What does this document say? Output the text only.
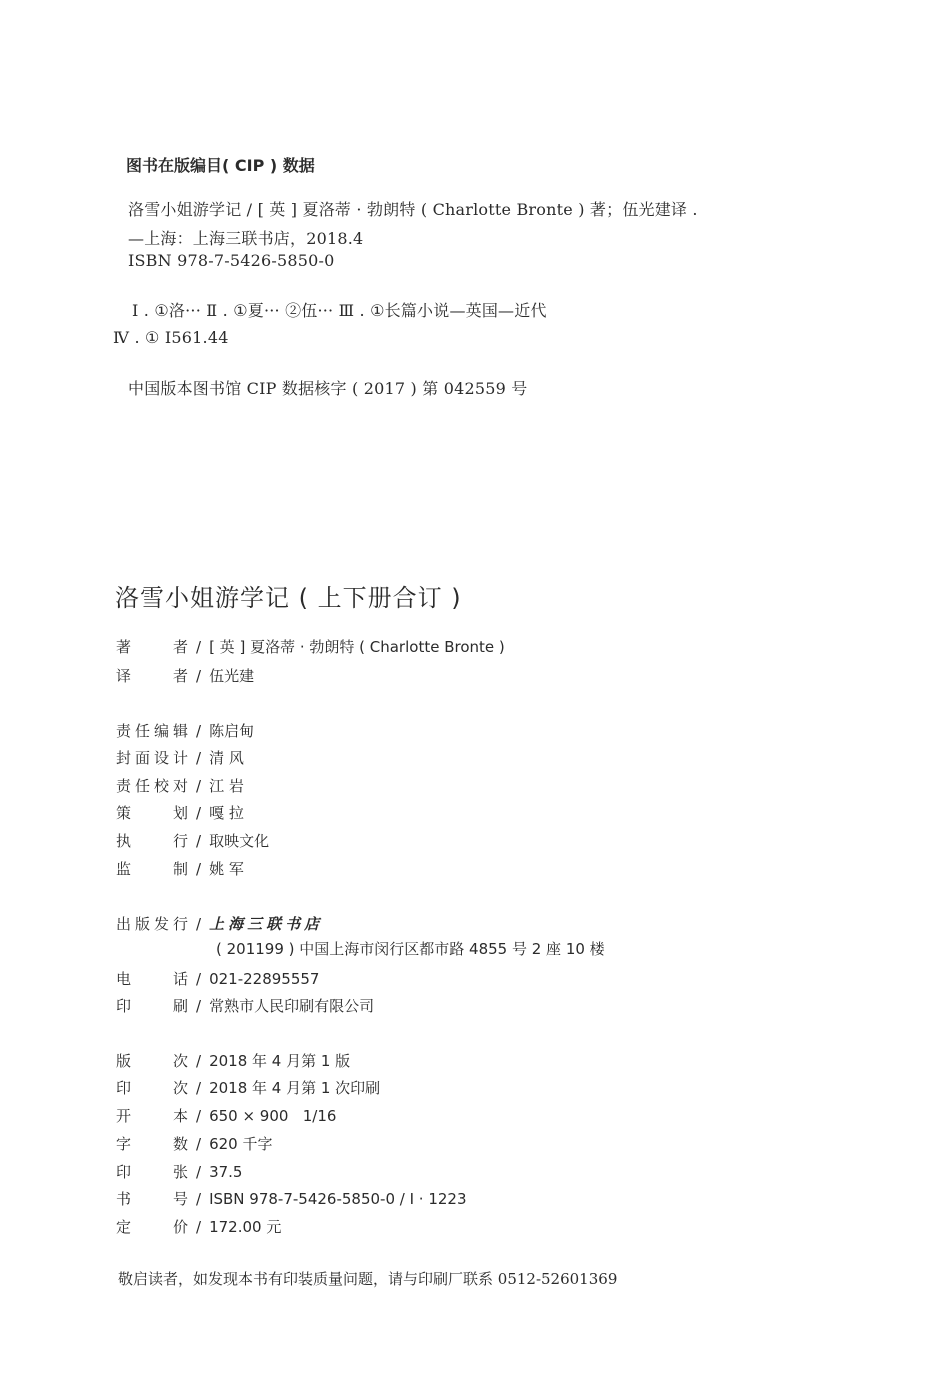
图书在版编目( CIP ) 数据
洛雪小姐游学记 / [ 英 ] 夏洛蒂 · 勃朗特 ( Charlotte Bronte ) 著；伍光建译 .
—上海：上海三联书店，2018.4
ISBN 978-7-5426-5850-0
Ⅰ . ①洛··· Ⅱ . ①夏··· ②伍··· Ⅲ . ①长篇小说—英国—近代
Ⅳ . ① I561.44
中国版本图书馆 CIP 数据核字 ( 2017 ) 第 042559 号
洛雪小姐游学记 ( 上下册合订 )
著	者 / [ 英 ] 夏洛蒂 · 勃朗特 ( Charlotte Bronte )
译	者 / 伍光建
责 任 编 辑 / 陈启甸
封 面 设 计 / 清 风
责 任 校 对 / 江 岩
策	划 / 嘎 拉
执	行 / 取映文化
监	制 / 姚 军
出 版 发 行 / 上海三联书店
( 201199 ) 中国上海市闵行区都市路 4855 号 2 座 10 楼
电	话 / 021-22895557
印	刷 / 常熟市人民印刷有限公司
版	次 / 2018 年 4 月第 1 版
印	次 / 2018 年 4 月第 1 次印刷
开	本 / 650 × 900   1/16
字	数 / 620 千字
印	张 / 37.5
书	号 / ISBN 978-7-5426-5850-0 / I · 1223
定	价 / 172.00 元
敬启读者，如发现本书有印装质量问题，请与印刷厂联系 0512-52601369
